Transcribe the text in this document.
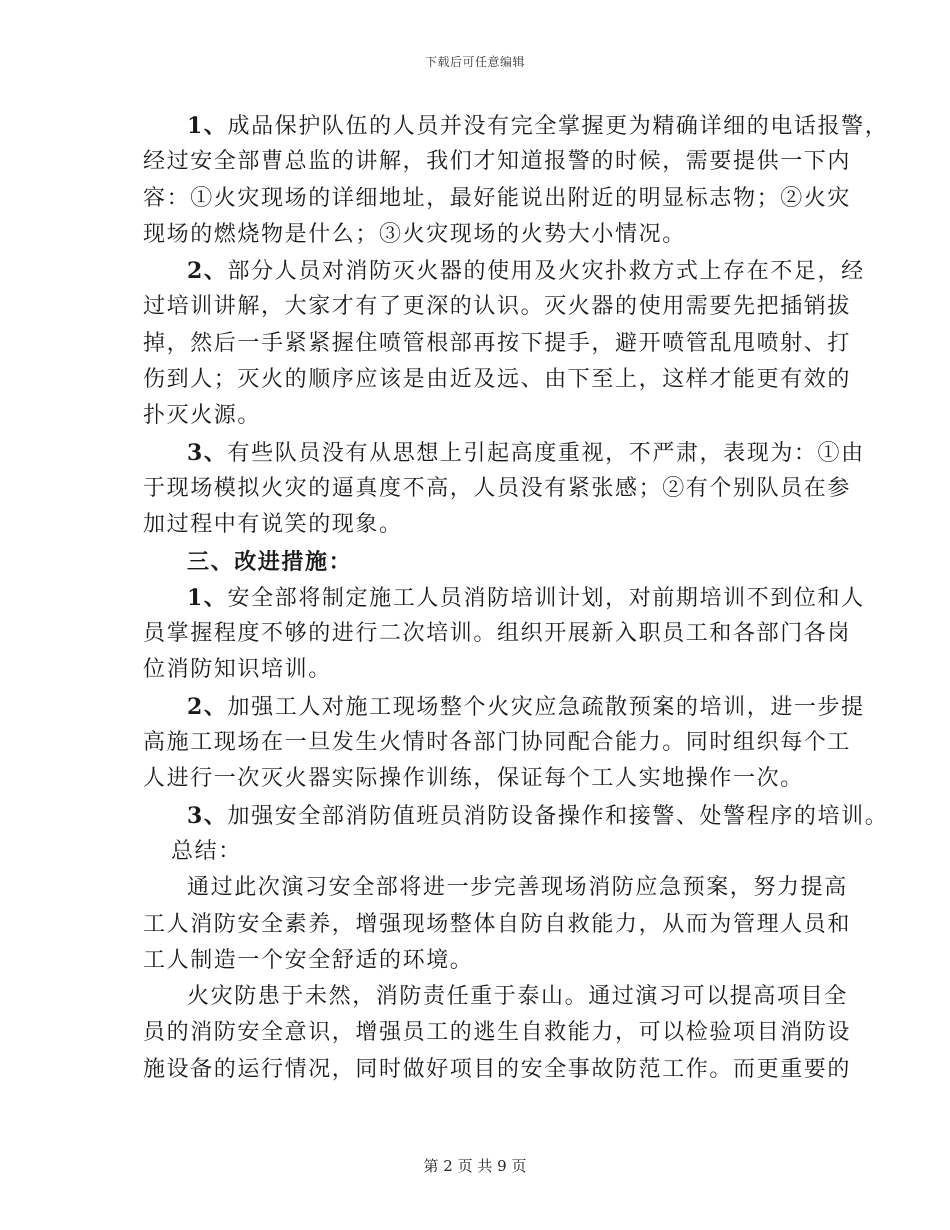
下载后可任意编辑
1、成品保护队伍的人员并没有完全掌握更为精确详细的电话报警，
经过安全部曹总监的讲解，我们才知道报警的时候，需要提供一下内
容：①火灾现场的详细地址，最好能说出附近的明显标志物；②火灾
现场的燃烧物是什么；③火灾现场的火势大小情况。
2、部分人员对消防灭火器的使用及火灾扑救方式上存在不足，经
过培训讲解，大家才有了更深的认识。灭火器的使用需要先把插销拔
掉，然后一手紧紧握住喷管根部再按下提手，避开喷管乱甩喷射、打
伤到人；灭火的顺序应该是由近及远、由下至上，这样才能更有效的
扑灭火源。
3、有些队员没有从思想上引起高度重视，不严肃，表现为：①由
于现场模拟火灾的逼真度不高，人员没有紧张感；②有个别队员在参
加过程中有说笑的现象。
三、改进措施：
1、安全部将制定施工人员消防培训计划，对前期培训不到位和人
员掌握程度不够的进行二次培训。组织开展新入职员工和各部门各岗
位消防知识培训。
2、加强工人对施工现场整个火灾应急疏散预案的培训，进一步提
高施工现场在一旦发生火情时各部门协同配合能力。同时组织每个工
人进行一次灭火器实际操作训练，保证每个工人实地操作一次。
3、加强安全部消防值班员消防设备操作和接警、处警程序的培训。
总结：
通过此次演习安全部将进一步完善现场消防应急预案，努力提高
工人消防安全素养，增强现场整体自防自救能力，从而为管理人员和
工人制造一个安全舒适的环境。
火灾防患于未然，消防责任重于泰山。通过演习可以提高项目全
员的消防安全意识，增强员工的逃生自救能力，可以检验项目消防设
施设备的运行情况，同时做好项目的安全事故防范工作。而更重要的
第 2 页 共 9 页
